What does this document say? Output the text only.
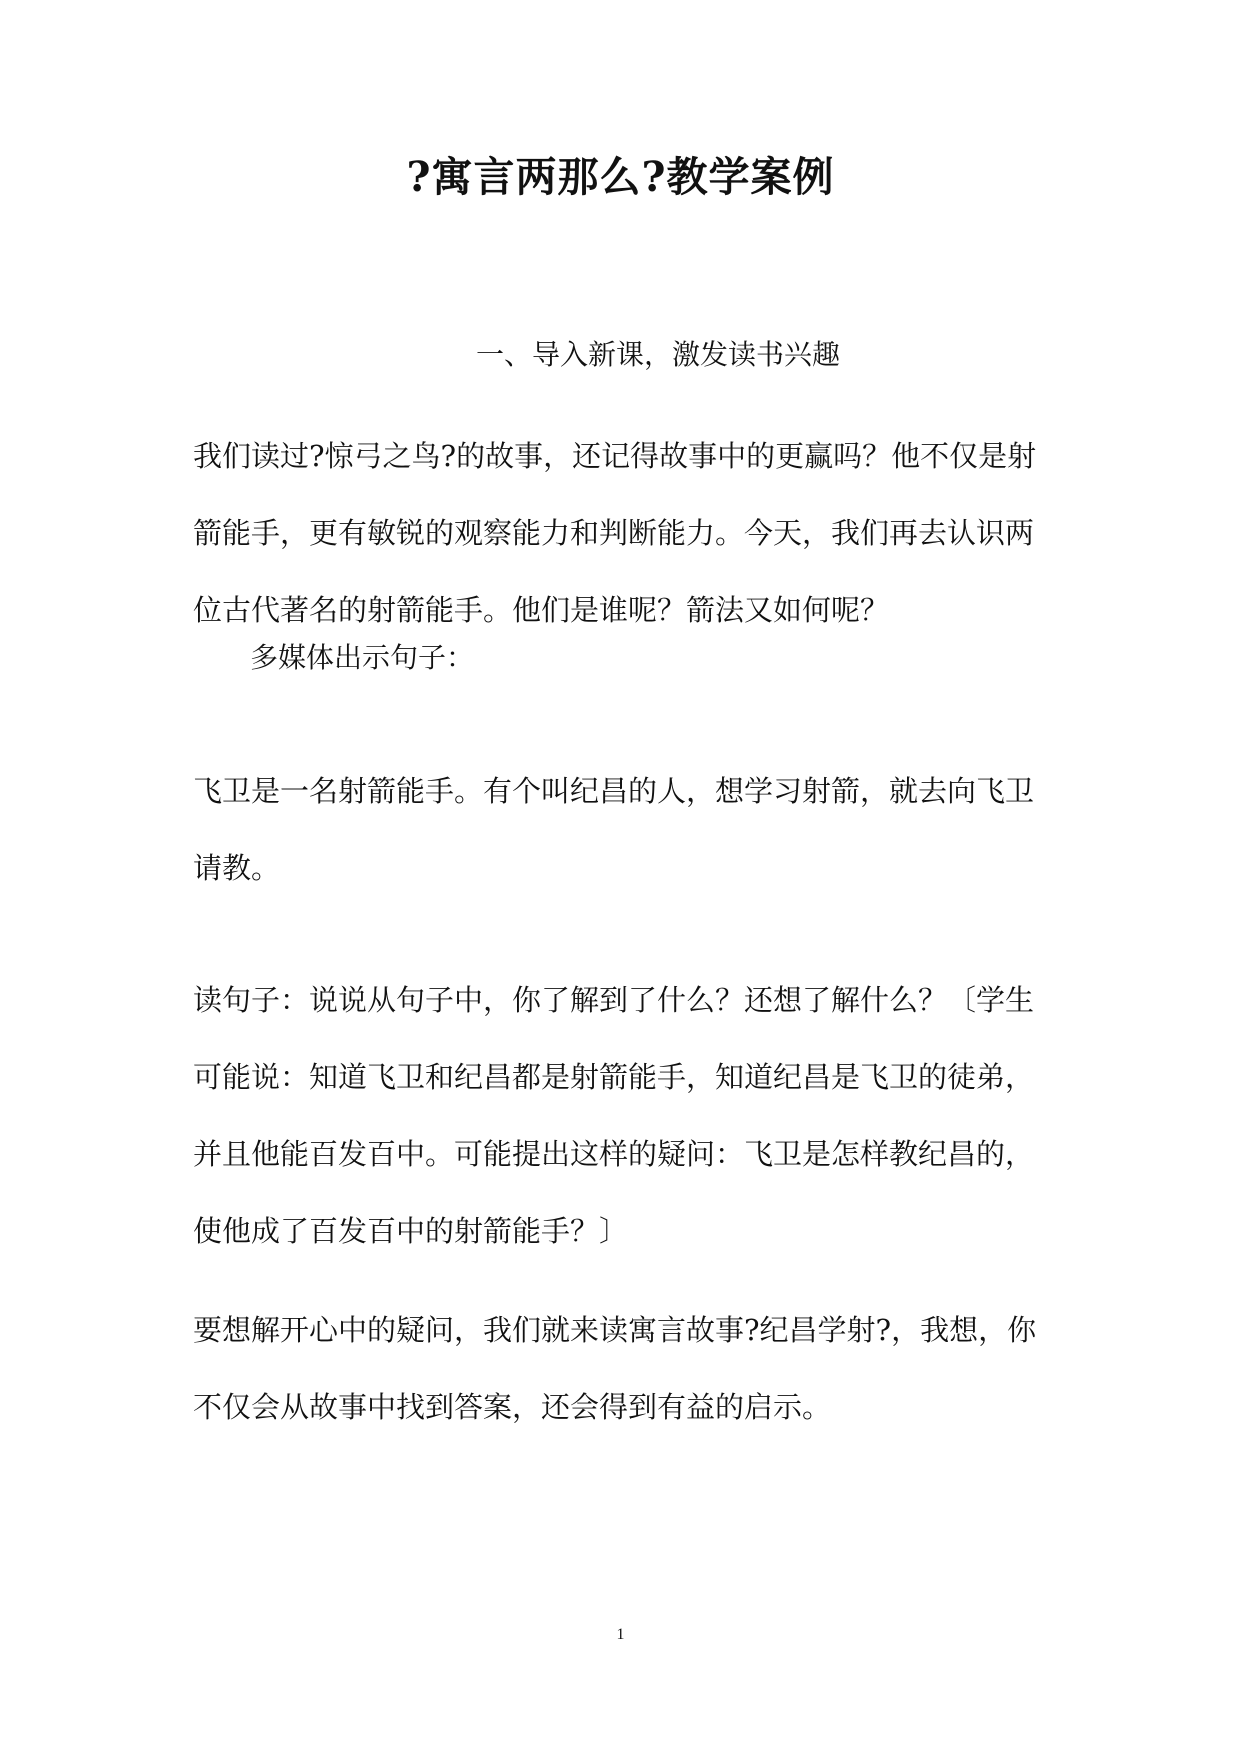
?寓言两那么?教学案例

一、导入新课，激发读书兴趣

我们读过?惊弓之鸟?的故事，还记得故事中的更赢吗？他不仅是射
箭能手，更有敏锐的观察能力和判断能力。今天，我们再去认识两
位古代著名的射箭能手。他们是谁呢？箭法又如何呢？

多媒体出示句子：

飞卫是一名射箭能手。有个叫纪昌的人，想学习射箭，就去向飞卫
请教。
读句子：说说从句子中，你了解到了什么？还想了解什么？〔学生
可能说：知道飞卫和纪昌都是射箭能手，知道纪昌是飞卫的徒弟，
并且他能百发百中。可能提出这样的疑问：飞卫是怎样教纪昌的，
使他成了百发百中的射箭能手？〕
要想解开心中的疑问，我们就来读寓言故事?纪昌学射?，我想，你
不仅会从故事中找到答案，还会得到有益的启示。
1
